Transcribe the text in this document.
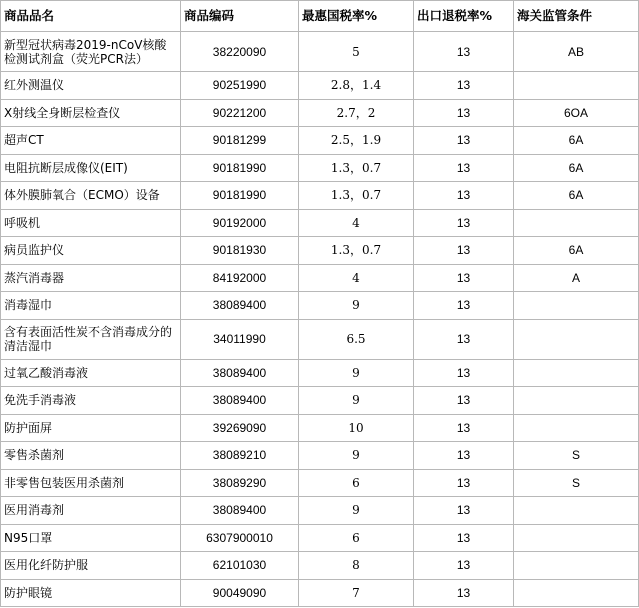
商品品名	商品编码	最惠国税率%	出口退税率%	海关监管条件
新型冠状病毒2019-nCoV核酸检测试剂盒（荧光PCR法）	38220090	5	13	AB
红外测温仪	90251990	2.8，1.4	13	
X射线全身断层检查仪	90221200	2.7，2	13	6OA
超声CT	90181299	2.5，1.9	13	6A
电阻抗断层成像仪(EIT)	90181990	1.3，0.7	13	6A
体外膜肺氧合（ECMO）设备	90181990	1.3，0.7	13	6A
呼吸机	90192000	4	13	
病员监护仪	90181930	1.3，0.7	13	6A
蒸汽消毒器	84192000	4	13	A
消毒湿巾	38089400	9	13	
含有表面活性炭不含消毒成分的清洁湿巾	34011990	6.5	13	
过氧乙酸消毒液	38089400	9	13	
免洗手消毒液	38089400	9	13	
防护面屏	39269090	10	13	
零售杀菌剂	38089210	9	13	S
非零售包装医用杀菌剂	38089290	6	13	S
医用消毒剂	38089400	9	13	
N95口罩	6307900010	6	13	
医用化纤防护服	62101030	8	13	
防护眼镜	90049090	7	13	
